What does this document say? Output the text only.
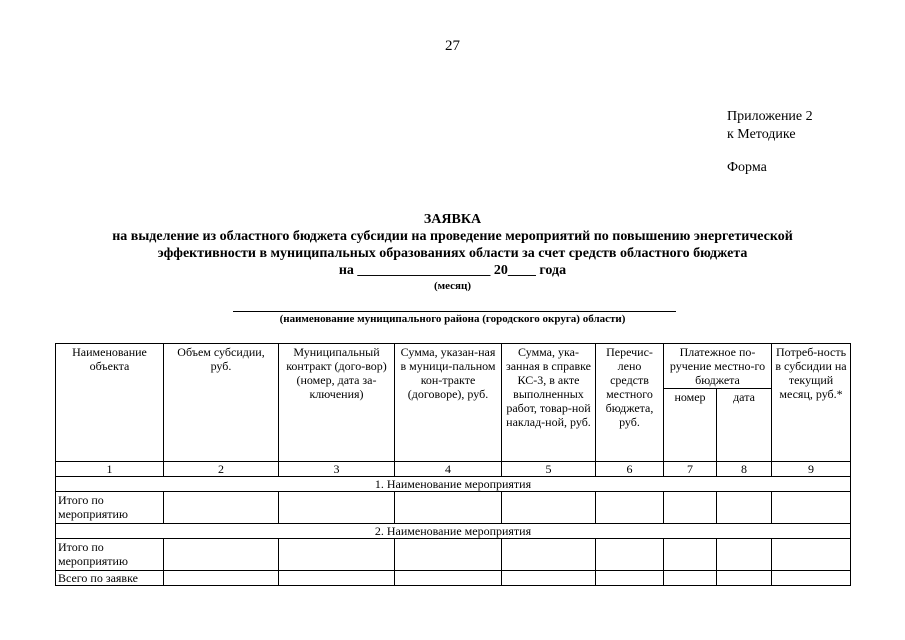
27
Приложение 2
к Методике
Форма
ЗАЯВКА
на выделение из областного бюджета субсидии на проведение мероприятий по повышению энергетической
эффективности в муниципальных образованиях области за счет средств областного бюджета
на ___________________ 20____ года
(месяц)
(наименование муниципального района (городского округа) области)
Наименование объекта	Объем субсидии, руб.	Муниципальный контракт (дого-вор) (номер, дата за-ключения)	Сумма, указан-ная в муници-пальном кон-тракте (договоре), руб.	Сумма, ука-занная в справке КС-3, в акте выполненных работ, товар-ной наклад-ной, руб.	Перечис-лено средств местного бюджета, руб.	Платежное по-ручение местно-го бюджета		Потреб-ность в субсидии на текущий месяц, руб.*
						номер	дата	
1	2	3	4	5	6	7	8	9
1. Наименование мероприятия								
Итого по мероприятию								
2. Наименование мероприятия								
Итого по мероприятию								
Всего по заявке								
